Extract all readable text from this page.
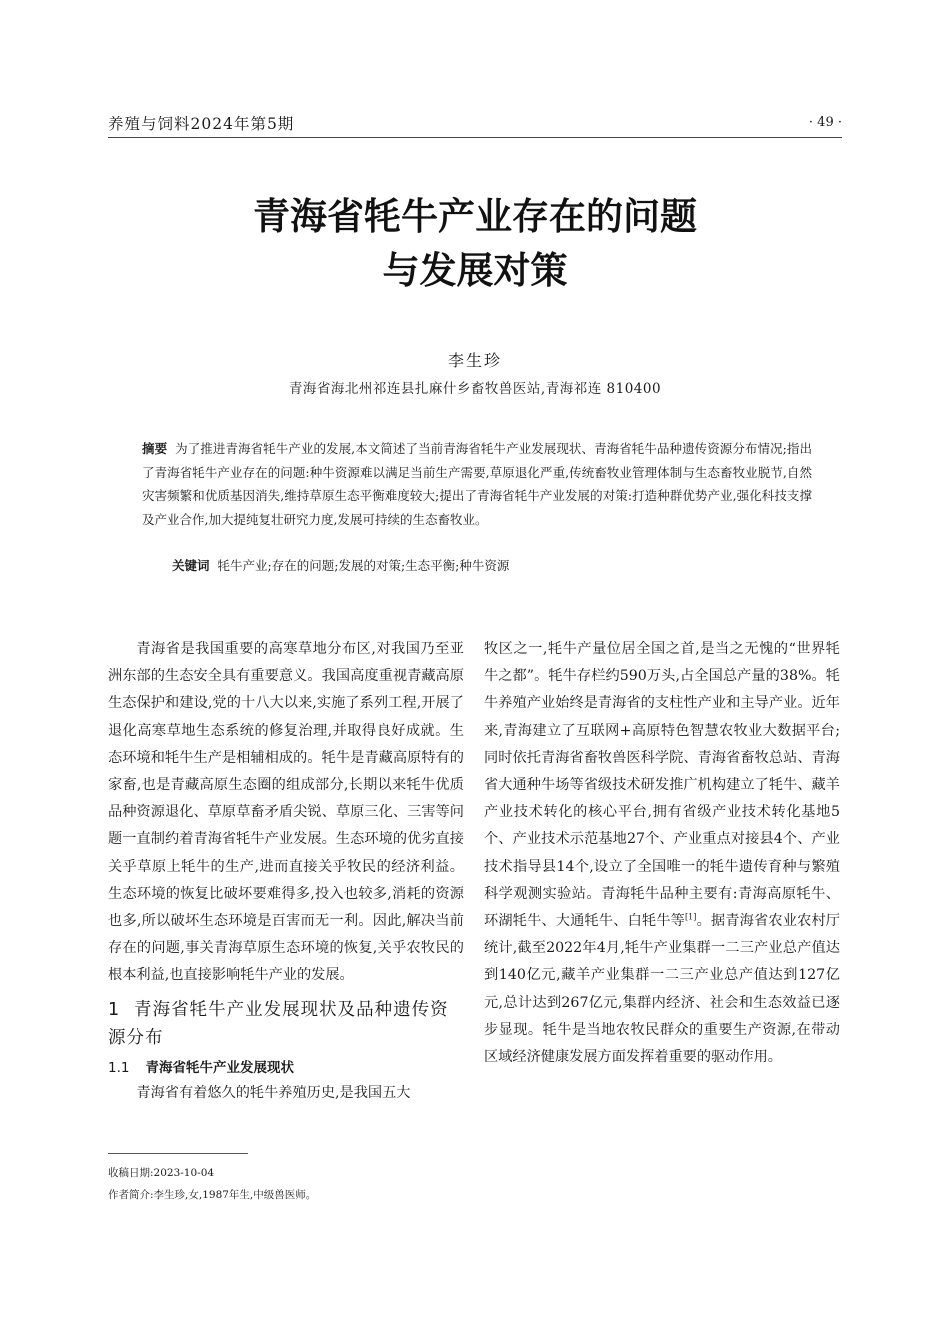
养殖与饲料2024年第5期	· 49 ·
青海省牦牛产业存在的问题
与发展对策
李生珍
青海省海北州祁连县扎麻什乡畜牧兽医站,青海祁连 810400
摘要 为了推进青海省牦牛产业的发展,本文简述了当前青海省牦牛产业发展现状、青海省牦牛品种遗传资源分布情况;指出了青海省牦牛产业存在的问题:种牛资源难以满足当前生产需要,草原退化严重,传统畜牧业管理体制与生态畜牧业脱节,自然灾害频繁和优质基因消失,维持草原生态平衡难度较大;提出了青海省牦牛产业发展的对策:打造种群优势产业,强化科技支撑及产业合作,加大提纯复壮研究力度,发展可持续的生态畜牧业。
关键词 牦牛产业;存在的问题;发展的对策;生态平衡;种牛资源

青海省是我国重要的高寒草地分布区,对我国乃至亚洲东部的生态安全具有重要意义。我国高度重视青藏高原生态保护和建设,党的十八大以来,实施了系列工程,开展了退化高寒草地生态系统的修复治理,并取得良好成就。生态环境和牦牛生产是相辅相成的。牦牛是青藏高原特有的家畜,也是青藏高原生态圈的组成部分,长期以来牦牛优质品种资源退化、草原草畜矛盾尖锐、草原三化、三害等问题一直制约着青海省牦牛产业发展。生态环境的优劣直接关乎草原上牦牛的生产,进而直接关乎牧民的经济利益。生态环境的恢复比破坏要难得多,投入也较多,消耗的资源也多,所以破坏生态环境是百害而无一利。因此,解决当前存在的问题,事关青海草原生态环境的恢复,关乎农牧民的根本利益,也直接影响牦牛产业的发展。

1 青海省牦牛产业发展现状及品种遗传资源分布
1.1 青海省牦牛产业发展现状

青海省有着悠久的牦牛养殖历史,是我国五大

牧区之一,牦牛产量位居全国之首,是当之无愧的“世界牦牛之都”。牦牛存栏约590万头,占全国总产量的38%。牦牛养殖产业始终是青海省的支柱性产业和主导产业。近年来,青海建立了互联网+高原特色智慧农牧业大数据平台;同时依托青海省畜牧兽医科学院、青海省畜牧总站、青海省大通种牛场等省级技术研发推广机构建立了牦牛、藏羊产业技术转化的核心平台,拥有省级产业技术转化基地5个、产业技术示范基地27个、产业重点对接县4个、产业技术指导县14个,设立了全国唯一的牦牛遗传育种与繁殖科学观测实验站。青海牦牛品种主要有:青海高原牦牛、环湖牦牛、大通牦牛、白牦牛等[1]。据青海省农业农村厅统计,截至2022年4月,牦牛产业集群一二三产业总产值达到140亿元,藏羊产业集群一二三产业总产值达到127亿元,总计达到267亿元,集群内经济、社会和生态效益已逐步显现。牦牛是当地农牧民群众的重要生产资源,在带动区域经济健康发展方面发挥着重要的驱动作用。

收稿日期:2023-10-04
作者简介:李生珍,女,1987年生,中级兽医师。
